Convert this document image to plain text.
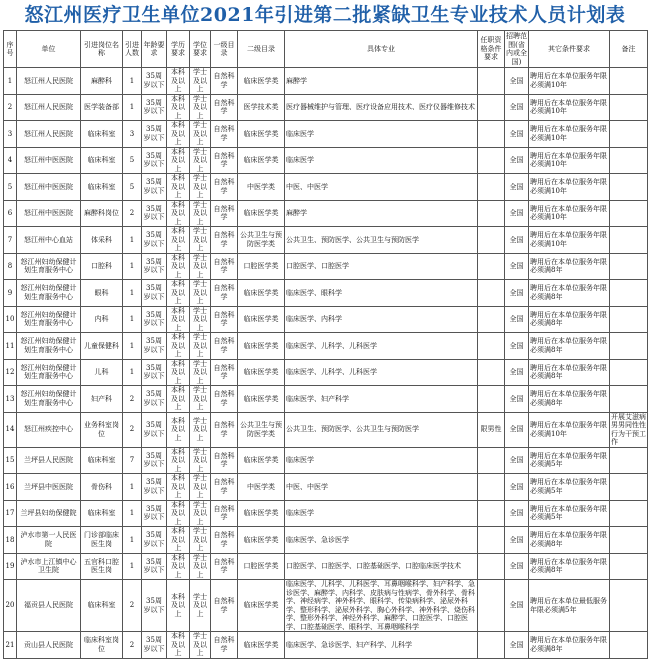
怒江州医疗卫生单位2021年引进第二批紧缺卫生专业技术人员计划表
序号	单位	引进岗位名称	引进人数	年龄要求	学历要求	学位要求	一级目录	二级目录	具体专业	任职资格条件要求	招聘范围(省内或全国)	其它条件要求	备注
1	怒江州人民医院	麻醉科	1	35周岁以下	本科及以上	学士及以上	自然科学	临床医学类	麻醉学		全国	聘用后在本单位服务年限必须满10年	
2	怒江州人民医院	医学装备部	1	35周岁以下	本科及以上	学士及以上	自然科学	医学技术类	医疗器械维护与管理、医疗设备应用技术、医疗仪器维修技术		全国	聘用后在本单位服务年限必须满10年	
3	怒江州人民医院	临床科室	3	35周岁以下	本科及以上	学士及以上	自然科学	临床医学类	临床医学		全国	聘用后在本单位服务年限必须满10年	
4	怒江州中医医院	临床科室	5	35周岁以下	本科及以上	学士及以上	自然科学	临床医学类	临床医学		全国	聘用后在本单位服务年限必须满10年	
5	怒江州中医医院	临床科室	5	35周岁以下	本科及以上	学士及以上	自然科学	中医学类	中医、中医学		全国	聘用后在本单位服务年限必须满10年	
6	怒江州中医医院	麻醉科岗位	2	35周岁以下	本科及以上	学士及以上	自然科学	临床医学类	麻醉学		全国	聘用后在本单位服务年限必须满10年	
7	怒江州中心血站	体采科	1	35周岁以下	本科及以上	学士及以上	自然科学	公共卫生与预防医学类	公共卫生、预防医学、公共卫生与预防医学		全国	聘用后在本单位服务年限必须满10年	
8	怒江州妇幼保健计划生育服务中心	口腔科	1	35周岁以下	本科及以上	学士及以上	自然科学	口腔医学类	口腔医学、口腔医学		全国	聘用后在本单位服务年限必须满8年	
9	怒江州妇幼保健计划生育服务中心	眼科	1	35周岁以下	本科及以上	学士及以上	自然科学	临床医学类	临床医学、眼科学		全国	聘用后在本单位服务年限必须满8年	
10	怒江州妇幼保健计划生育服务中心	内科	1	35周岁以下	本科及以上	学士及以上	自然科学	临床医学类	临床医学、内科学		全国	聘用后在本单位服务年限必须满8年	
11	怒江州妇幼保健计划生育服务中心	儿童保健科	1	35周岁以下	本科及以上	学士及以上	自然科学	临床医学类	临床医学、儿科学、儿科医学		全国	聘用后在本单位服务年限必须满8年	
12	怒江州妇幼保健计划生育服务中心	儿科	1	35周岁以下	本科及以上	学士及以上	自然科学	临床医学类	临床医学、儿科学、儿科医学		全国	聘用后在本单位服务年限必须满8年	
13	怒江州妇幼保健计划生育服务中心	妇产科	2	35周岁以下	本科及以上	学士及以上	自然科学	临床医学类	临床医学、妇产科学		全国	聘用后在本单位服务年限必须满8年	
14	怒江州疾控中心	业务科室岗位	2	35周岁以下	本科及以上	学士及以上	自然科学	公共卫生与预防医学类	公共卫生、预防医学、公共卫生与预防医学	限男性	全国	聘用后在本单位服务年限必须满10年	开展艾滋病男男同性性行为干预工作
15	兰坪县人民医院	临床科室	7	35周岁以下	本科及以上	学士及以上	自然科学	临床医学类	临床医学		全国	聘用后在本单位服务年限必须满5年	
16	兰坪县中医医院	骨伤科	1	35周岁以下	本科及以上	学士及以上	自然科学	中医学类	中医、中医学		全国	聘用后在本单位服务年限必须满5年	
17	兰坪县妇幼保健院	临床科室	1	35周岁以下	本科及以上	学士及以上	自然科学	临床医学类	临床医学		全国	聘用后在本单位服务年限必须满5年	
18	泸水市第一人民医院	门诊部临床医生岗	1	35周岁以下	本科及以上	学士及以上	自然科学	临床医学类	临床医学、急诊医学		全国	聘用后在本单位服务年限必须满8年	
19	泸水市上江镇中心卫生院	五官科口腔医生岗	1	35周岁以下	本科及以上	学士及以上	自然科学	口腔医学类	口腔医学、口腔医学、口腔基础医学、口腔临床医学技术		全国	聘用后在本单位服务年限必须满8年	
20	福贡县人民医院	临床科室	2	35周岁以下	本科及以上	学士及以上	自然科学	临床医学类	临床医学、儿科学、儿科医学、耳鼻咽喉科学、妇产科学、急诊医学、麻醉学、内科学、皮肤病与性病学、骨外科学、骨科学、神经病学、神外科学、眼科学、传染病科学、泌尿外科学、整形科学、泌尿外科学、胸心外科学、神外科学、烧伤科学、整形外科学、神经外科学、麻醉学、口腔医学、口腔医学、口腔基础医学、眼科学、耳鼻咽喉科学		全国	聘用后在本单位最低服务年限必须满5年	
21	贡山县人民医院	临床科室岗位	2	35周岁以下	本科及以上	学士及以上	自然科学	临床医学类	临床医学、急诊医学、妇产科学、儿科学		全国	聘用后在本单位服务年限必须满8年	
